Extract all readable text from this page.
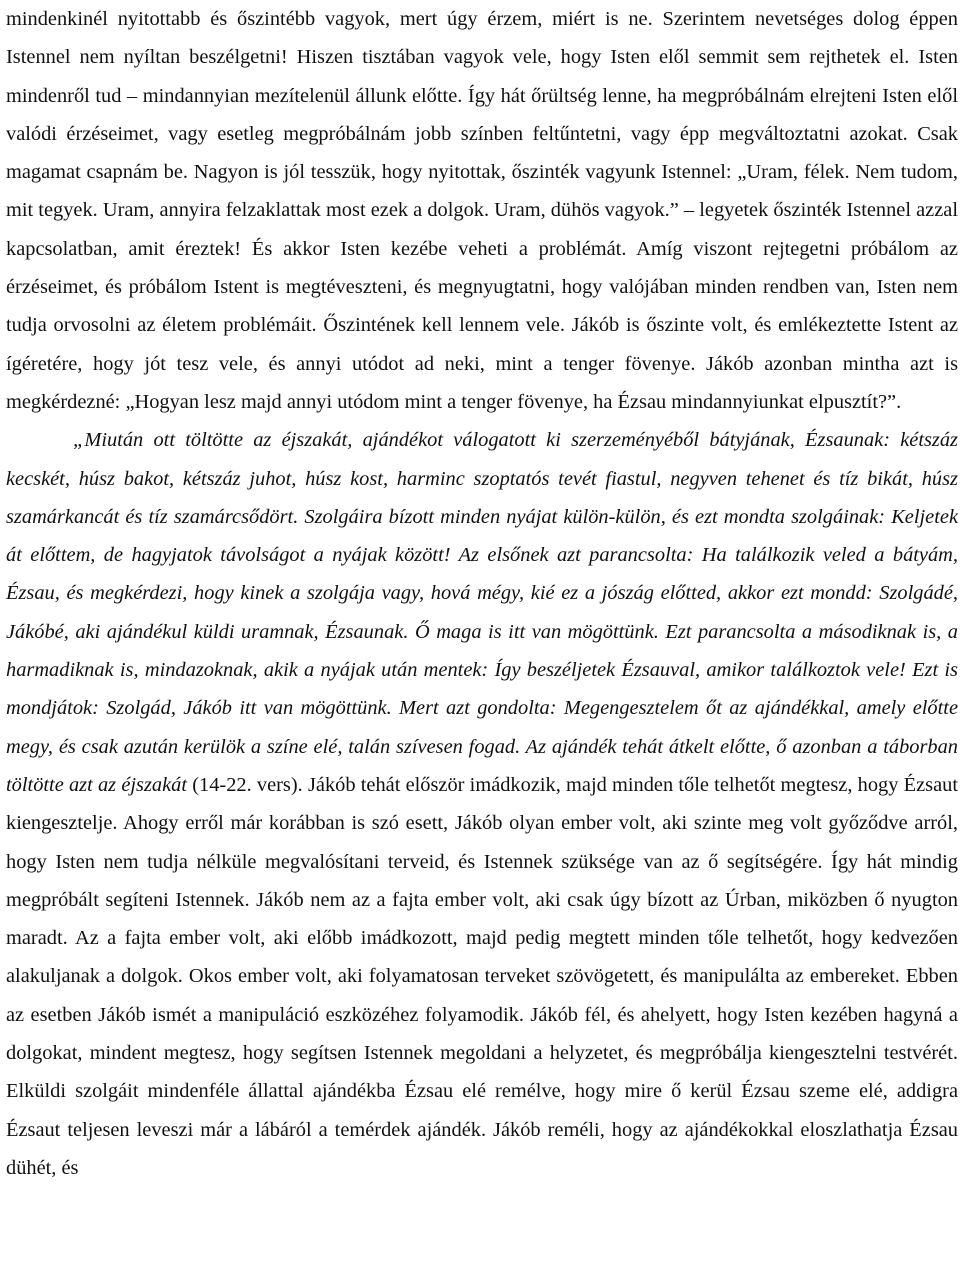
mindenkinél nyitottabb és őszintébb vagyok, mert úgy érzem, miért is ne. Szerintem nevetséges dolog éppen Istennel nem nyíltan beszélgetni! Hiszen tisztában vagyok vele, hogy Isten elől semmit sem rejthetek el. Isten mindenről tud – mindannyian mezítelenül állunk előtte. Így hát őrültség lenne, ha megpróbálnám elrejteni Isten elől valódi érzéseimet, vagy esetleg megpróbálnám jobb színben feltűntetni, vagy épp megváltoztatni azokat. Csak magamat csapnám be. Nagyon is jól tesszük, hogy nyitottak, őszinték vagyunk Istennel: „Uram, félek. Nem tudom, mit tegyek. Uram, annyira felzaklattak most ezek a dolgok. Uram, dühös vagyok.” – legyetek őszinték Istennel azzal kapcsolatban, amit éreztek! És akkor Isten kezébe veheti a problémát. Amíg viszont rejtegetni próbálom az érzéseimet, és próbálom Istent is megtéveszteni, és megnyugtatni, hogy valójában minden rendben van, Isten nem tudja orvosolni az életem problémáit. Őszintének kell lennem vele. Jákób is őszinte volt, és emlékeztette Istent az ígéretére, hogy jót tesz vele, és annyi utódot ad neki, mint a tenger fövenye. Jákób azonban mintha azt is megkérdezné: „Hogyan lesz majd annyi utódom mint a tenger fövenye, ha Ézsau mindannyiunkat elpusztít?”.

„Miután ott töltötte az éjszakát, ajándékot válogatott ki szerzeményéből bátyjának, Ézsaunak: kétszáz kecskét, húsz bakot, kétszáz juhot, húsz kost, harminc szoptatós tevét fiastul, negyven tehenet és tíz bikát, húsz szamárkancát és tíz szamárcsődört. Szolgáira bízott minden nyájat külön-külön, és ezt mondta szolgáinak: Keljetek át előttem, de hagyjatok távolságot a nyájak között! Az elsőnek azt parancsolta: Ha találkozik veled a bátyám, Ézsau, és megkérdezi, hogy kinek a szolgája vagy, hová mégy, kié ez a jószág előtted, akkor ezt mondd: Szolgádé, Jákóbé, aki ajándékul küldi uramnak, Ézsaunak. Ő maga is itt van mögöttünk. Ezt parancsolta a másodiknak is, a harmadiknak is, mindazoknak, akik a nyájak után mentek: Így beszéljetek Ézsauval, amikor találkoztok vele! Ezt is mondjátok: Szolgád, Jákób itt van mögöttünk. Mert azt gondolta: Megengesztelem őt az ajándékkal, amely előtte megy, és csak azután kerülök a színe elé, talán szívesen fogad. Az ajándék tehát átkelt előtte, ő azonban a táborban töltötte azt az éjszakát (14-22. vers). Jákób tehát először imádkozik, majd minden tőle telhetőt megtesz, hogy Ézsaut kiengesztelje. Ahogy erről már korábban is szó esett, Jákób olyan ember volt, aki szinte meg volt győződve arról, hogy Isten nem tudja nélküle megvalósítani terveid, és Istennek szüksége van az ő segítségére. Így hát mindig megpróbált segíteni Istennek. Jákób nem az a fajta ember volt, aki csak úgy bízott az Úrban, miközben ő nyugton maradt. Az a fajta ember volt, aki előbb imádkozott, majd pedig megtett minden tőle telhetőt, hogy kedvezően alakuljanak a dolgok. Okos ember volt, aki folyamatosan terveket szövögetett, és manipulálta az embereket. Ebben az esetben Jákób ismét a manipuláció eszközéhez folyamodik. Jákób fél, és ahelyett, hogy Isten kezében hagyná a dolgokat, mindent megtesz, hogy segítsen Istennek megoldani a helyzetet, és megpróbálja kiengesztelni testvérét. Elküldi szolgáit mindenféle állattal ajándékba Ézsau elé remélve, hogy mire ő kerül Ézsau szeme elé, addigra Ézsaut teljesen leveszi már a lábáról a temérdek ajándék. Jákób reméli, hogy az ajándékokkal eloszlathatja Ézsau dühét, és
